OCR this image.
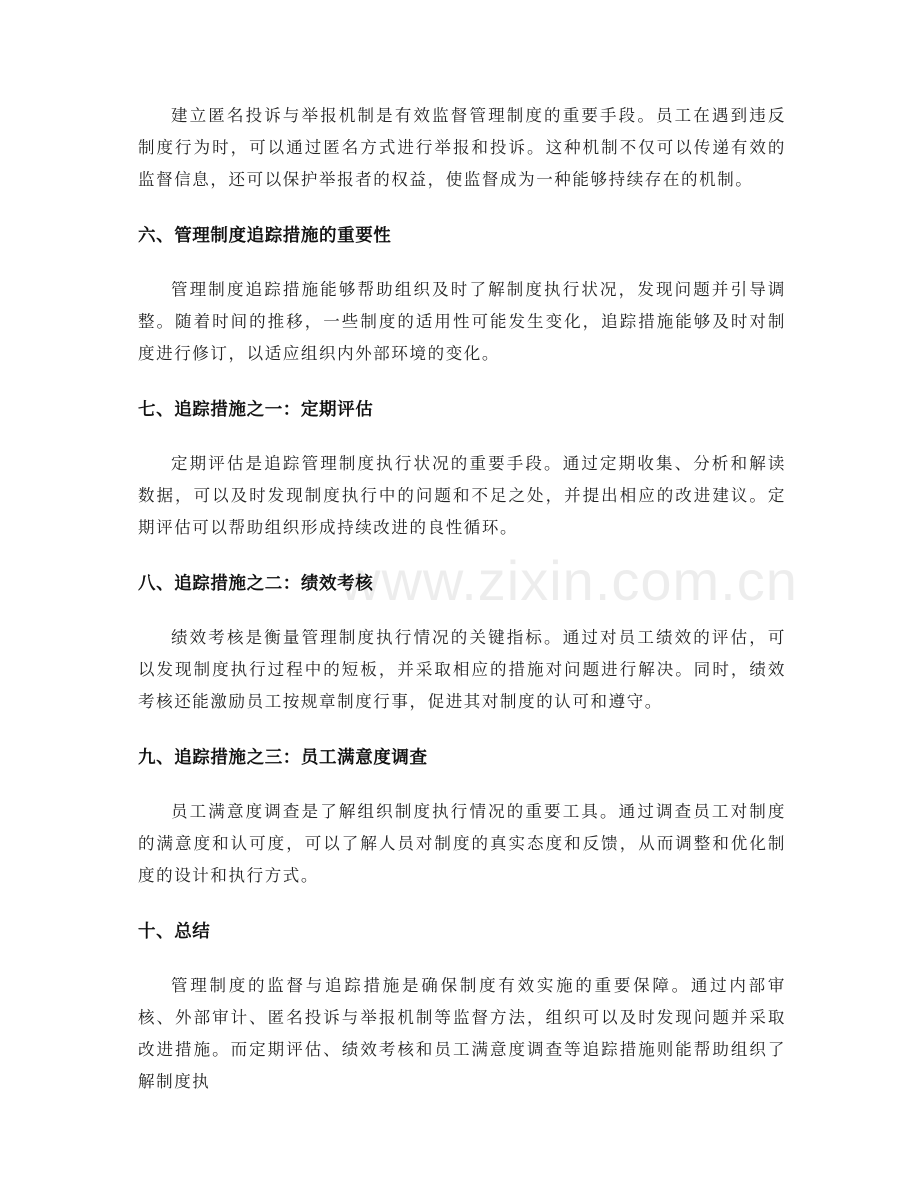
www.zixin.com.cn

建立匿名投诉与举报机制是有效监督管理制度的重要手段。员工在遇到违反制度行为时，可以通过匿名方式进行举报和投诉。这种机制不仅可以传递有效的监督信息，还可以保护举报者的权益，使监督成为一种能够持续存在的机制。

六、管理制度追踪措施的重要性

管理制度追踪措施能够帮助组织及时了解制度执行状况，发现问题并引导调整。随着时间的推移，一些制度的适用性可能发生变化，追踪措施能够及时对制度进行修订，以适应组织内外部环境的变化。

七、追踪措施之一：定期评估

定期评估是追踪管理制度执行状况的重要手段。通过定期收集、分析和解读数据，可以及时发现制度执行中的问题和不足之处，并提出相应的改进建议。定期评估可以帮助组织形成持续改进的良性循环。

八、追踪措施之二：绩效考核

绩效考核是衡量管理制度执行情况的关键指标。通过对员工绩效的评估，可以发现制度执行过程中的短板，并采取相应的措施对问题进行解决。同时，绩效考核还能激励员工按规章制度行事，促进其对制度的认可和遵守。

九、追踪措施之三：员工满意度调查

员工满意度调查是了解组织制度执行情况的重要工具。通过调查员工对制度的满意度和认可度，可以了解人员对制度的真实态度和反馈，从而调整和优化制度的设计和执行方式。

十、总结

管理制度的监督与追踪措施是确保制度有效实施的重要保障。通过内部审核、外部审计、匿名投诉与举报机制等监督方法，组织可以及时发现问题并采取改进措施。而定期评估、绩效考核和员工满意度调查等追踪措施则能帮助组织了解制度执
